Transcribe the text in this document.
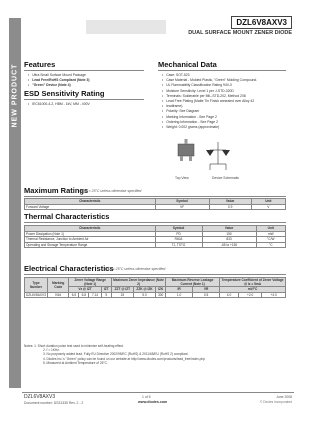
NEW PRODUCT
DZL6V8AXV3
DUAL SURFACE MOUNT ZENER DIODE
Features
• Ultra Small Surface Mount Package
• Lead Free/RoHS Compliant (Note 3)
• "Green" Device (Note 4)
ESD Sensitivity Rating
• IEC61000-4-2, HBM - 1kV, MM - 400V
Mechanical Data
• Case: SOT-523
• Case Material - Molded Plastic, "Green" Molding Compound.
• UL Flammability Classification Rating 94V-0
• Moisture Sensitivity: Level 1 per J-STD-020D
• Terminals: Solderable per MIL-STD-202, Method 208
• Lead Free Plating (Matte Tin Finish annealed over Alloy 42
• leadframe).
• Polarity: See Diagram
• Marking Information - See Page 2
• Ordering Information - See Page 2
• Weight: 0.002 grams (approximate)
Top View	Device Schematic
Maximum Ratings
@TA = 25°C unless otherwise specified
Characteristic	Symbol	Value	Unit
Forward Voltage	VF	0.9	V
Thermal Characteristics
Characteristic	Symbol	Value	Unit
Power Dissipation (Note 1)	PD	150	mW
Thermal Resistance, Junction to Ambient Air	RθJA	833	°C/W
Operating and Storage Temperature Range	TJ, TSTG	-65 to +150	°C
Electrical Characteristics
@TA = 25°C unless otherwise specified
Type Number	Marking Code	Zener Voltage Range (Note 1)				Maximum Zener Impedance (Note 2)			Maximum Reverse Leakage Current (Note 1)		Temperature Coefficient of Zener Voltage @ Iz = 5mA		
		Vz @ IZT			IZT	ZZT @ IZT	ZZK @ IZK	IZK	IR	VR	mV/°C		
DZL6V8AXV3	K6d	6.5	6.8	7.14	5	15	5.0	300	1.0	0.5	4.0	+2.0	+4.0
Notes: 1. Short duration pulse test used to minimize self-heating effect.
2. f = 1KHz.
3. No purposely added lead. Fully EU Directive 2002/95/EC (RoHS) & 2011/65/EU (RoHS 2) compliant.
4. Diodes Inc.'s "Green" policy can be found on our website at http://www.diodes.com/products/lead_free/index.php
5. Measured at Ambient Temperature of 25°C.
DZL6V8AXV3
Document number: DS31335 Rev. 2 - 2
1 of 5
www.diodes.com
June 2008
© Diodes Incorporated
